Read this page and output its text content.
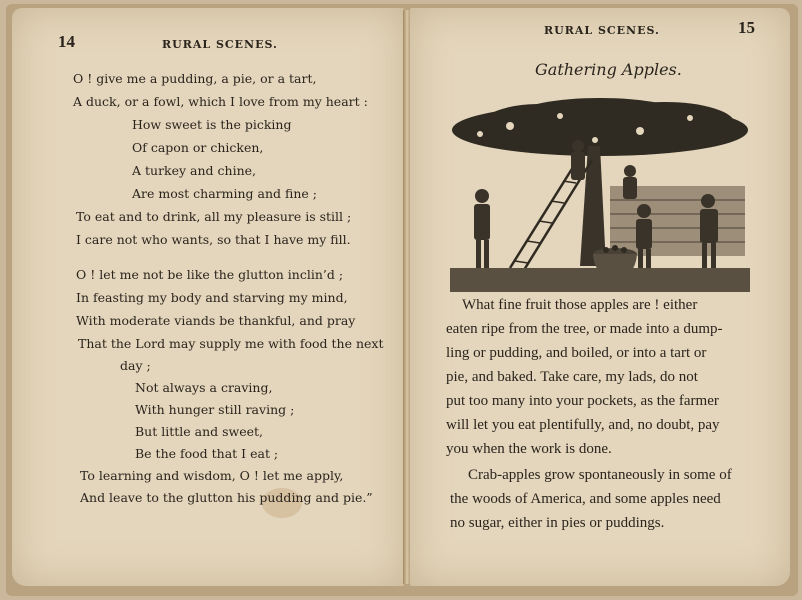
14	RURAL SCENES.
O ! give me a pudding, a pie, or a tart,
A duck, or a fowl, which I love from my heart :
How sweet is the picking
Of capon or chicken,
A turkey and chine,
Are most charming and fine ;
To eat and to drink, all my pleasure is still ;
I care not who wants, so that I have my fill.
O ! let me not be like the glutton inclin’d ;
In feasting my body and starving my mind,
With moderate viands be thankful, and pray
That the Lord may supply me with food the next
day ;
Not always a craving,
With hunger still raving ;
But little and sweet,
Be the food that I eat ;
To learning and wisdom, O ! let me apply,
And leave to the glutton his pudding and pie.”
RURAL SCENES.	15
Gathering Apples.
What fine fruit those apples are ! either
eaten ripe from the tree, or made into a dump-
ling or pudding, and boiled, or into a tart or
pie, and baked. Take care, my lads, do not
put too many into your pockets, as the farmer
will let you eat plentifully, and, no doubt, pay
you when the work is done.
Crab-apples grow spontaneously in some of
the woods of America, and some apples need
no sugar, either in pies or puddings.
